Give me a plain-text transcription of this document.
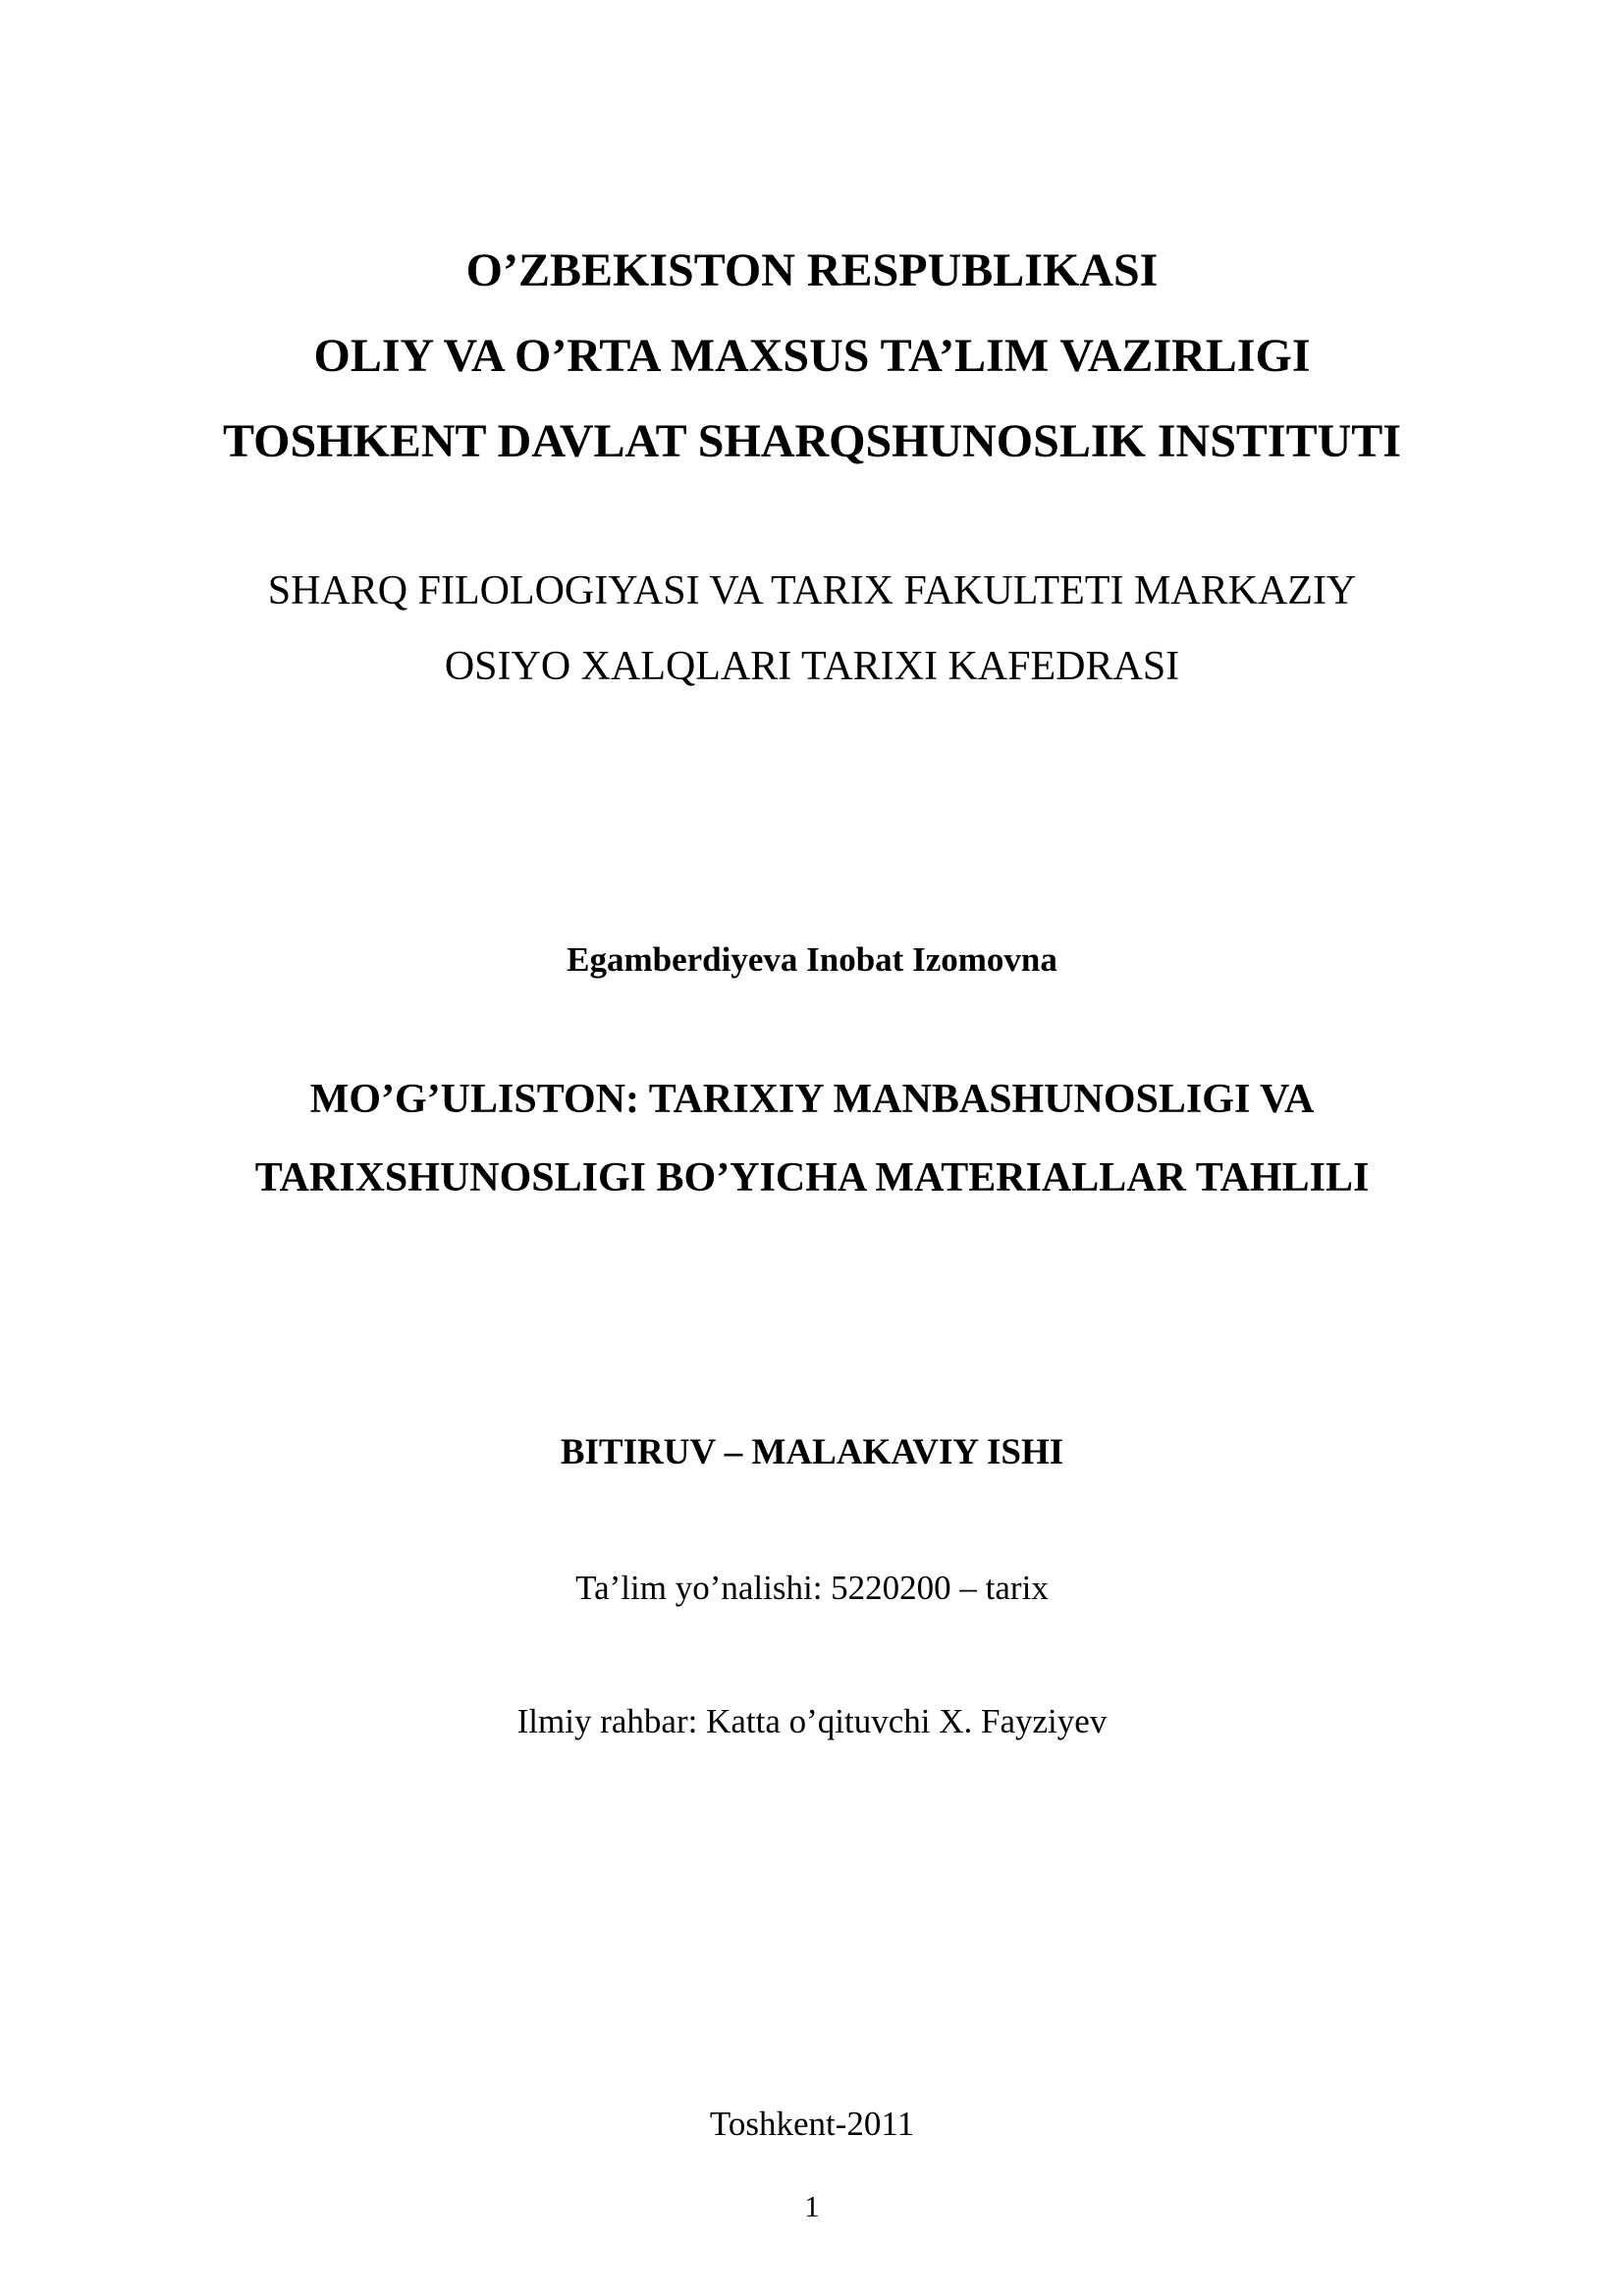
O’ZBEKISTON RESPUBLIKASI

OLIY VA O’RTA MAXSUS TA’LIM VAZIRLIGI

TOSHKENT DAVLAT SHARQSHUNOSLIK INSTITUTI

SHARQ FILOLOGIYASI VA TARIX FAKULTETI MARKAZIY

OSIYO XALQLARI TARIXI KAFEDRASI

Egamberdiyeva Inobat Izomovna

MO’G’ULISTON: TARIXIY MANBASHUNOSLIGI VA

TARIXSHUNOSLIGI BO’YICHA MATERIALLAR TAHLILI

BITIRUV – MALAKAVIY ISHI

Ta’lim yo’nalishi: 5220200 – tarix

Ilmiy rahbar: Katta o’qituvchi X. Fayziyev

Toshkent-2011

1
